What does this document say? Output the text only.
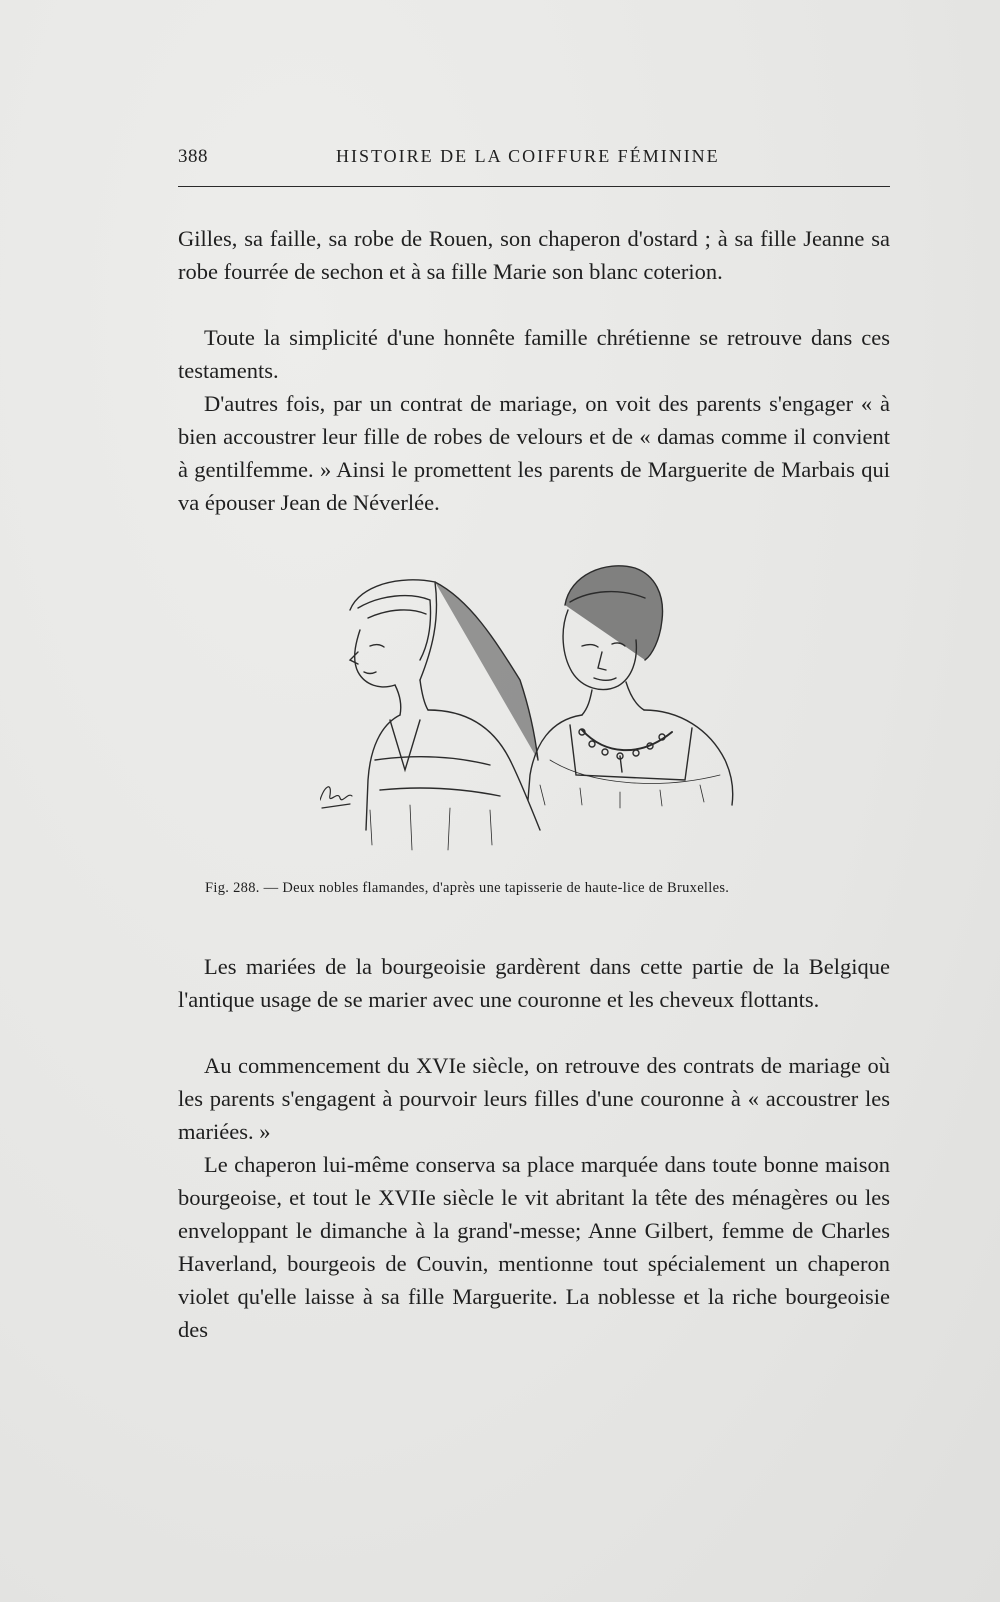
388	HISTOIRE DE LA COIFFURE FÉMININE

Gilles, sa faille, sa robe de Rouen, son chaperon d'ostard ; à sa fille Jeanne sa robe fourrée de sechon et à sa fille Marie son blanc coterion.

Toute la simplicité d'une honnête famille chrétienne se retrouve dans ces testaments.

D'autres fois, par un contrat de mariage, on voit des parents s'engager « à bien accoustrer leur fille de robes de velours et de « damas comme il convient à gentilfemme. » Ainsi le promettent les parents de Marguerite de Marbais qui va épouser Jean de Néverlée.

Fig. 288. — Deux nobles flamandes, d'après une tapisserie de haute-lice de Bruxelles.

Les mariées de la bourgeoisie gardèrent dans cette partie de la Belgique l'antique usage de se marier avec une couronne et les cheveux flottants.

Au commencement du XVIe siècle, on retrouve des contrats de mariage où les parents s'engagent à pourvoir leurs filles d'une couronne à « accoustrer les mariées. »

Le chaperon lui-même conserva sa place marquée dans toute bonne maison bourgeoise, et tout le XVIIe siècle le vit abritant la tête des ménagères ou les enveloppant le dimanche à la grand'-messe; Anne Gilbert, femme de Charles Haverland, bourgeois de Couvin, mentionne tout spécialement un chaperon violet qu'elle laisse à sa fille Marguerite. La noblesse et la riche bourgeoisie des
